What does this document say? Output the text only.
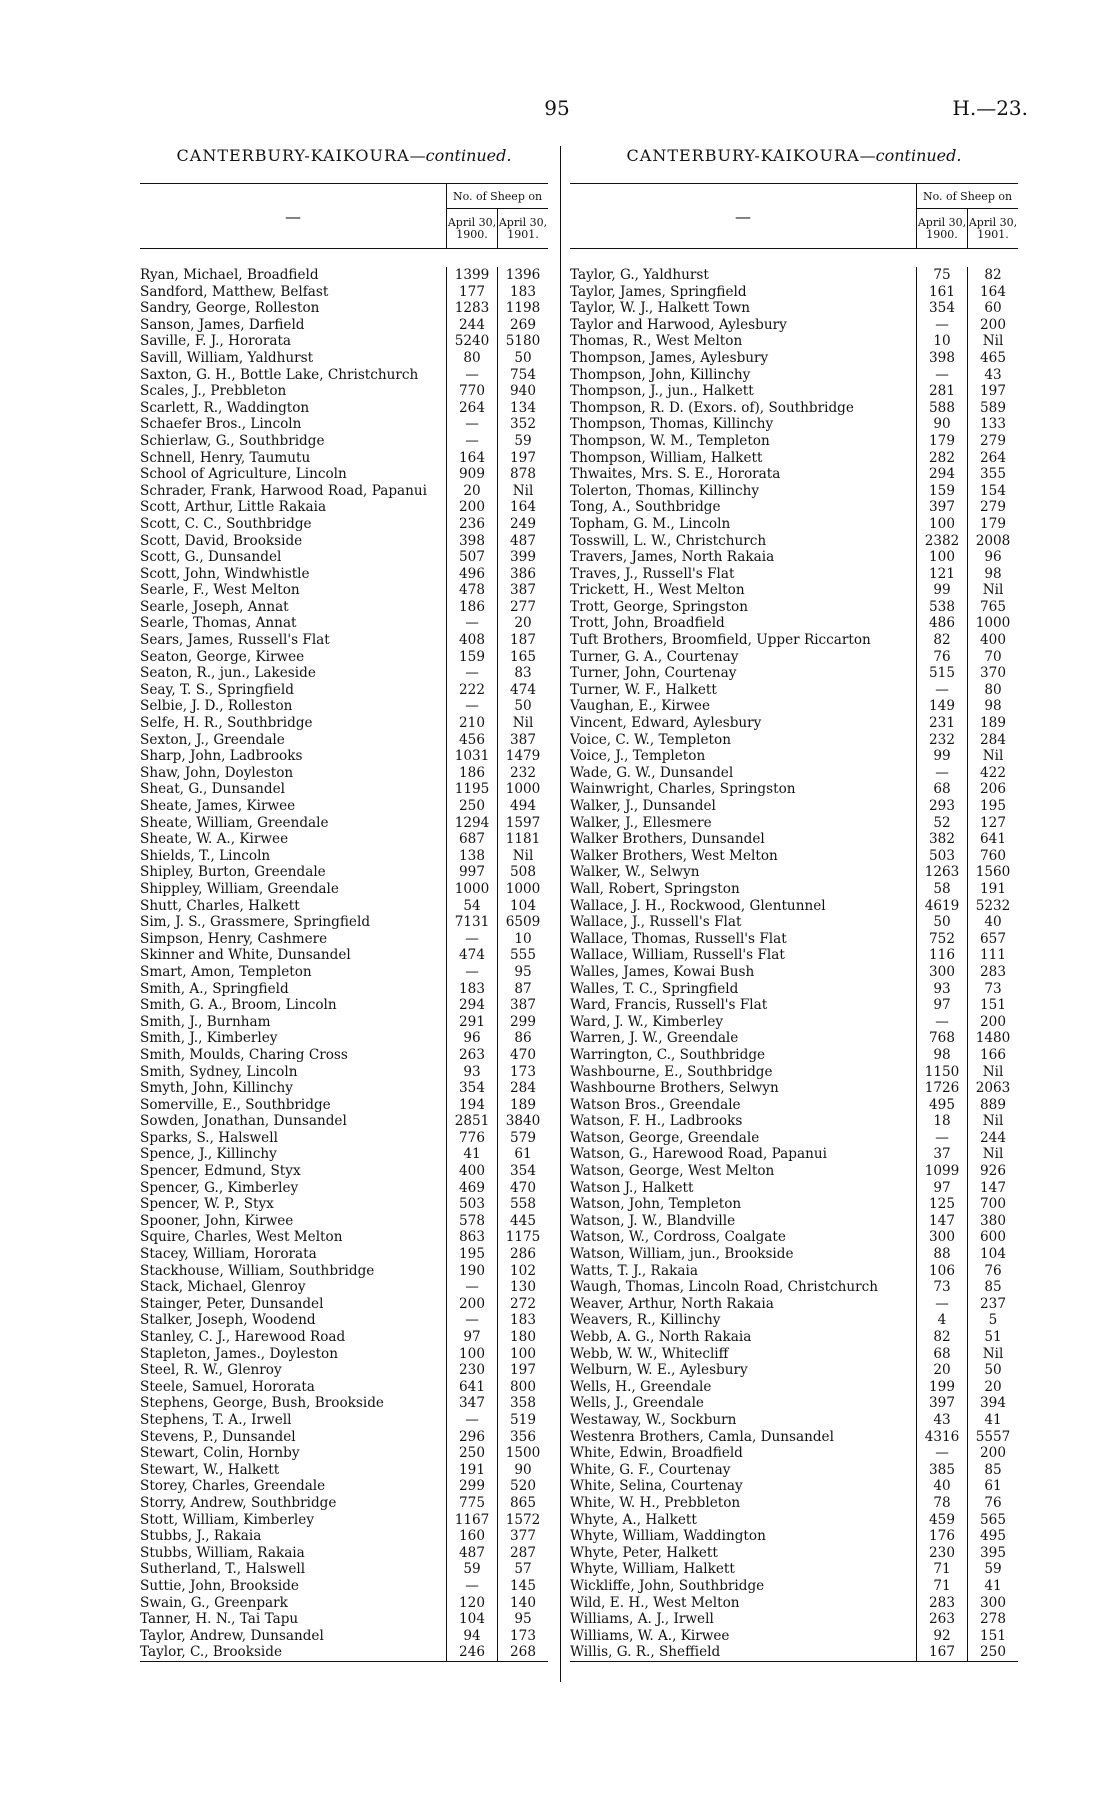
95	H.—23.
CANTERBURY-KAIKOURA—continued.
—
No. of Sheep on
April 30, 1900.
April 30, 1901.
Ryan, Michael, Broadfield	1399	1396
Sandford, Matthew, Belfast	177	183
Sandry, George, Rolleston	1283	1198
Sanson, James, Darfield	244	269
Saville, F. J., Hororata	5240	5180
Savill, William, Yaldhurst	80	50
Saxton, G. H., Bottle Lake, Christchurch	—	754
Scales, J., Prebbleton	770	940
Scarlett, R., Waddington	264	134
Schaefer Bros., Lincoln	—	352
Schierlaw, G., Southbridge	—	59
Schnell, Henry, Taumutu	164	197
School of Agriculture, Lincoln	909	878
Schrader, Frank, Harwood Road, Papanui	20	Nil
Scott, Arthur, Little Rakaia	200	164
Scott, C. C., Southbridge	236	249
Scott, David, Brookside	398	487
Scott, G., Dunsandel	507	399
Scott, John, Windwhistle	496	386
Searle, F., West Melton	478	387
Searle, Joseph, Annat	186	277
Searle, Thomas, Annat	—	20
Sears, James, Russell's Flat	408	187
Seaton, George, Kirwee	159	165
Seaton, R., jun., Lakeside	—	83
Seay, T. S., Springfield	222	474
Selbie, J. D., Rolleston	—	50
Selfe, H. R., Southbridge	210	Nil
Sexton, J., Greendale	456	387
Sharp, John, Ladbrooks	1031	1479
Shaw, John, Doyleston	186	232
Sheat, G., Dunsandel	1195	1000
Sheate, James, Kirwee	250	494
Sheate, William, Greendale	1294	1597
Sheate, W. A., Kirwee	687	1181
Shields, T., Lincoln	138	Nil
Shipley, Burton, Greendale	997	508
Shippley, William, Greendale	1000	1000
Shutt, Charles, Halkett	54	104
Sim, J. S., Grassmere, Springfield	7131	6509
Simpson, Henry, Cashmere	—	10
Skinner and White, Dunsandel	474	555
Smart, Amon, Templeton	—	95
Smith, A., Springfield	183	87
Smith, G. A., Broom, Lincoln	294	387
Smith, J., Burnham	291	299
Smith, J., Kimberley	96	86
Smith, Moulds, Charing Cross	263	470
Smith, Sydney, Lincoln	93	173
Smyth, John, Killinchy	354	284
Somerville, E., Southbridge	194	189
Sowden, Jonathan, Dunsandel	2851	3840
Sparks, S., Halswell	776	579
Spence, J., Killinchy	41	61
Spencer, Edmund, Styx	400	354
Spencer, G., Kimberley	469	470
Spencer, W. P., Styx	503	558
Spooner, John, Kirwee	578	445
Squire, Charles, West Melton	863	1175
Stacey, William, Hororata	195	286
Stackhouse, William, Southbridge	190	102
Stack, Michael, Glenroy	—	130
Stainger, Peter, Dunsandel	200	272
Stalker, Joseph, Woodend	—	183
Stanley, C. J., Harewood Road	97	180
Stapleton, James., Doyleston	100	100
Steel, R. W., Glenroy	230	197
Steele, Samuel, Hororata	641	800
Stephens, George, Bush, Brookside	347	358
Stephens, T. A., Irwell	—	519
Stevens, P., Dunsandel	296	356
Stewart, Colin, Hornby	250	1500
Stewart, W., Halkett	191	90
Storey, Charles, Greendale	299	520
Storry, Andrew, Southbridge	775	865
Stott, William, Kimberley	1167	1572
Stubbs, J., Rakaia	160	377
Stubbs, William, Rakaia	487	287
Sutherland, T., Halswell	59	57
Suttie, John, Brookside	—	145
Swain, G., Greenpark	120	140
Tanner, H. N., Tai Tapu	104	95
Taylor, Andrew, Dunsandel	94	173
Taylor, C., Brookside	246	268
CANTERBURY-KAIKOURA—continued.
—
No. of Sheep on
April 30, 1900.
April 30, 1901.
Taylor, G., Yaldhurst	75	82
Taylor, James, Springfield	161	164
Taylor, W. J., Halkett Town	354	60
Taylor and Harwood, Aylesbury	—	200
Thomas, R., West Melton	10	Nil
Thompson, James, Aylesbury	398	465
Thompson, John, Killinchy	—	43
Thompson, J., jun., Halkett	281	197
Thompson, R. D. (Exors. of), Southbridge	588	589
Thompson, Thomas, Killinchy	90	133
Thompson, W. M., Templeton	179	279
Thompson, William, Halkett	282	264
Thwaites, Mrs. S. E., Hororata	294	355
Tolerton, Thomas, Killinchy	159	154
Tong, A., Southbridge	397	279
Topham, G. M., Lincoln	100	179
Tosswill, L. W., Christchurch	2382	2008
Travers, James, North Rakaia	100	96
Traves, J., Russell's Flat	121	98
Trickett, H., West Melton	99	Nil
Trott, George, Springston	538	765
Trott, John, Broadfield	486	1000
Tuft Brothers, Broomfield, Upper Riccarton	82	400
Turner, G. A., Courtenay	76	70
Turner, John, Courtenay	515	370
Turner, W. F., Halkett	—	80
Vaughan, E., Kirwee	149	98
Vincent, Edward, Aylesbury	231	189
Voice, C. W., Templeton	232	284
Voice, J., Templeton	99	Nil
Wade, G. W., Dunsandel	—	422
Wainwright, Charles, Springston	68	206
Walker, J., Dunsandel	293	195
Walker, J., Ellesmere	52	127
Walker Brothers, Dunsandel	382	641
Walker Brothers, West Melton	503	760
Walker, W., Selwyn	1263	1560
Wall, Robert, Springston	58	191
Wallace, J. H., Rockwood, Glentunnel	4619	5232
Wallace, J., Russell's Flat	50	40
Wallace, Thomas, Russell's Flat	752	657
Wallace, William, Russell's Flat	116	111
Walles, James, Kowai Bush	300	283
Walles, T. C., Springfield	93	73
Ward, Francis, Russell's Flat	97	151
Ward, J. W., Kimberley	—	200
Warren, J. W., Greendale	768	1480
Warrington, C., Southbridge	98	166
Washbourne, E., Southbridge	1150	Nil
Washbourne Brothers, Selwyn	1726	2063
Watson Bros., Greendale	495	889
Watson, F. H., Ladbrooks	18	Nil
Watson, George, Greendale	—	244
Watson, G., Harewood Road, Papanui	37	Nil
Watson, George, West Melton	1099	926
Watson J., Halkett	97	147
Watson, John, Templeton	125	700
Watson, J. W., Blandville	147	380
Watson, W., Cordross, Coalgate	300	600
Watson, William, jun., Brookside	88	104
Watts, T. J., Rakaia	106	76
Waugh, Thomas, Lincoln Road, Christchurch	73	85
Weaver, Arthur, North Rakaia	—	237
Weavers, R., Killinchy	4	5
Webb, A. G., North Rakaia	82	51
Webb, W. W., Whitecliff	68	Nil
Welburn, W. E., Aylesbury	20	50
Wells, H., Greendale	199	20
Wells, J., Greendale	397	394
Westaway, W., Sockburn	43	41
Westenra Brothers, Camla, Dunsandel	4316	5557
White, Edwin, Broadfield	—	200
White, G. F., Courtenay	385	85
White, Selina, Courtenay	40	61
White, W. H., Prebbleton	78	76
Whyte, A., Halkett	459	565
Whyte, William, Waddington	176	495
Whyte, Peter, Halkett	230	395
Whyte, William, Halkett	71	59
Wickliffe, John, Southbridge	71	41
Wild, E. H., West Melton	283	300
Williams, A. J., Irwell	263	278
Williams, W. A., Kirwee	92	151
Willis, G. R., Sheffield	167	250
